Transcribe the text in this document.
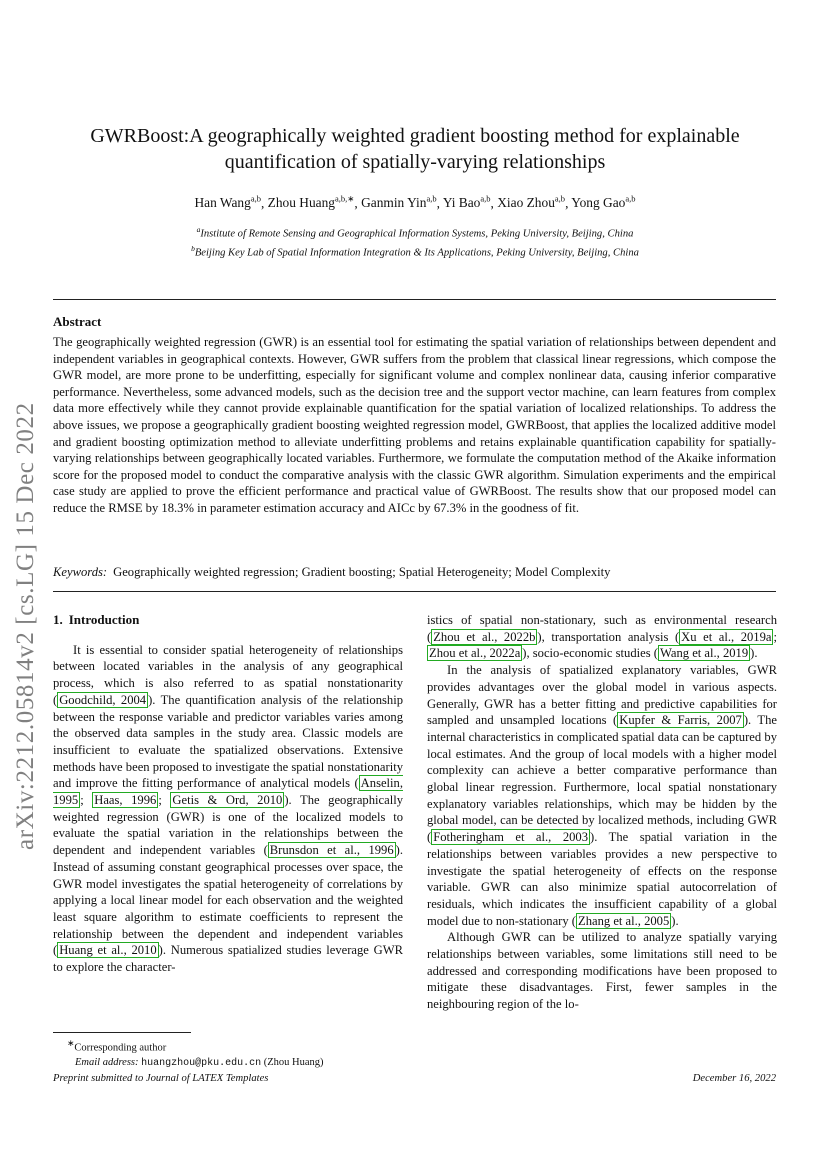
arXiv:2212.05814v2 [cs.LG] 15 Dec 2022
GWRBoost:A geographically weighted gradient boosting method for explainable quantification of spatially-varying relationships
Han Wang$^{a,b}$, Zhou Huang$^{a,b,∗}$, Ganmin Yin$^{a,b}$, Yi Bao$^{a,b}$, Xiao Zhou$^{a,b}$, Yong Gao$^{a,b}$
$^a$Institute of Remote Sensing and Geographical Information Systems, Peking University, Beijing, China
$^b$Beijing Key Lab of Spatial Information Integration & Its Applications, Peking University, Beijing, China
Abstract

The geographically weighted regression (GWR) is an essential tool for estimating the spatial variation of relationships between dependent and independent variables in geographical contexts. However, GWR suffers from the problem that classical linear regressions, which compose the GWR model, are more prone to be underfitting, especially for significant volume and complex nonlinear data, causing inferior comparative performance. Nevertheless, some advanced models, such as the decision tree and the support vector machine, can learn features from complex data more effectively while they cannot provide explainable quantification for the spatial variation of localized relationships. To address the above issues, we propose a geographically gradient boosting weighted regression model, GWRBoost, that applies the localized additive model and gradient boosting optimization method to alleviate underfitting problems and retains explainable quantification capability for spatially-varying relationships between geographically located variables. Furthermore, we formulate the computation method of the Akaike information score for the proposed model to conduct the comparative analysis with the classic GWR algorithm. Simulation experiments and the empirical case study are applied to prove the efficient performance and practical value of GWRBoost. The results show that our proposed model can reduce the RMSE by 18.3% in parameter estimation accuracy and AICc by 67.3% in the goodness of fit.

Keywords: Geographically weighted regression; Gradient boosting; Spatial Heterogeneity; Model Complexity
1. Introduction

It is essential to consider spatial heterogeneity of relationships between located variables in the analysis of any geographical process, which is also referred to as spatial nonstationarity ( Goodchild, 2004 ). The quantification analysis of the relationship between the response variable and predictor variables varies among the observed data samples in the study area. Classic models are insufficient to evaluate the spatialized observations. Extensive methods have been proposed to investigate the spatial nonstationarity and improve the fitting performance of analytical models ( Anselin, 1995 ; Haas, 1996 ; Getis & Ord, 2010 ). The geographically weighted regression (GWR) is one of the localized models to evaluate the spatial variation in the relationships between the dependent and independent variables ( Brunsdon et al., 1996 ). Instead of assuming constant geographical processes over space, the GWR model investigates the spatial heterogeneity of correlations by applying a local linear model for each observation and the weighted least square algorithm to estimate coefficients to represent the relationship between the dependent and independent variables ( Huang et al., 2010 ). Numerous spatialized studies leverage GWR to explore the character-

istics of spatial non-stationary, such as environmental research ( Zhou et al., 2022b ), transportation analysis ( Xu et al., 2019a ; Zhou et al., 2022a ), socio-economic studies ( Wang et al., 2019 ).

In the analysis of spatialized explanatory variables, GWR provides advantages over the global model in various aspects. Generally, GWR has a better fitting and predictive capabilities for sampled and unsampled locations ( Kupfer & Farris, 2007 ). The internal characteristics in complicated spatial data can be captured by local estimates. And the group of local models with a higher model complexity can achieve a better comparative performance than global linear regression. Furthermore, local spatial nonstationary explanatory variables relationships, which may be hidden by the global model, can be detected by localized methods, including GWR ( Fotheringham et al., 2003 ). The spatial variation in the relationships between variables provides a new perspective to investigate the spatial heterogeneity of effects on the response variable. GWR can also minimize spatial autocorrelation of residuals, which indicates the insufficient capability of a global model due to non-stationary ( Zhang et al., 2005 ).

Although GWR can be utilized to analyze spatially varying relationships between variables, some limitations still need to be addressed and corresponding modifications have been proposed to mitigate these disadvantages. First, fewer samples in the neighbouring region of the lo-

∗Corresponding author
Email address: huangzhou@pku.edu.cn (Zhou Huang)
Preprint submitted to Journal of LATEX Templates	December 16, 2022
